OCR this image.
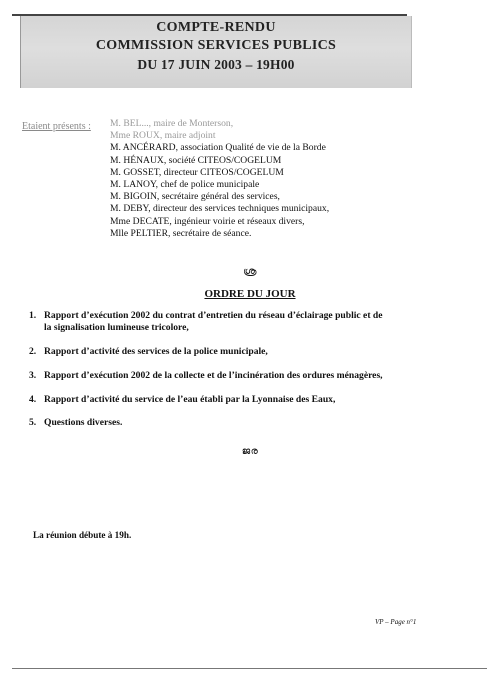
COMPTE-RENDU
COMMISSION SERVICES PUBLICS
DU 17 JUIN 2003 – 19H00
Etaient présents : M. BEL..., maire de Monterson,
Mme ROUX, maire adjoint
M. ANCÉRARD, association Qualité de vie de la Borde
M. HÉNAUX, société CITEOS/COGELUM
M. GOSSET, directeur CITEOS/COGELUM
M. LANOY, chef de police municipale
M. BIGOIN, secrétaire général des services,
M. DEBY, directeur des services techniques municipaux,
Mme DECATE, ingénieur voirie et réseaux divers,
Mlle PELTIER, secrétaire de séance.
ശ്ര
ORDRE DU JOUR
1. Rapport d’exécution 2002 du contrat d’entretien du réseau d’éclairage public et de
la signalisation lumineuse tricolore,
2. Rapport d’activité des services de la police municipale,
3. Rapport d’exécution 2002 de la collecte et de l’incinération des ordures ménagères,
4. Rapport d’activité du service de l’eau établi par la Lyonnaise des Eaux,
5. Questions diverses.
ജര
La réunion débute à 19h.
VP – Page n°1
